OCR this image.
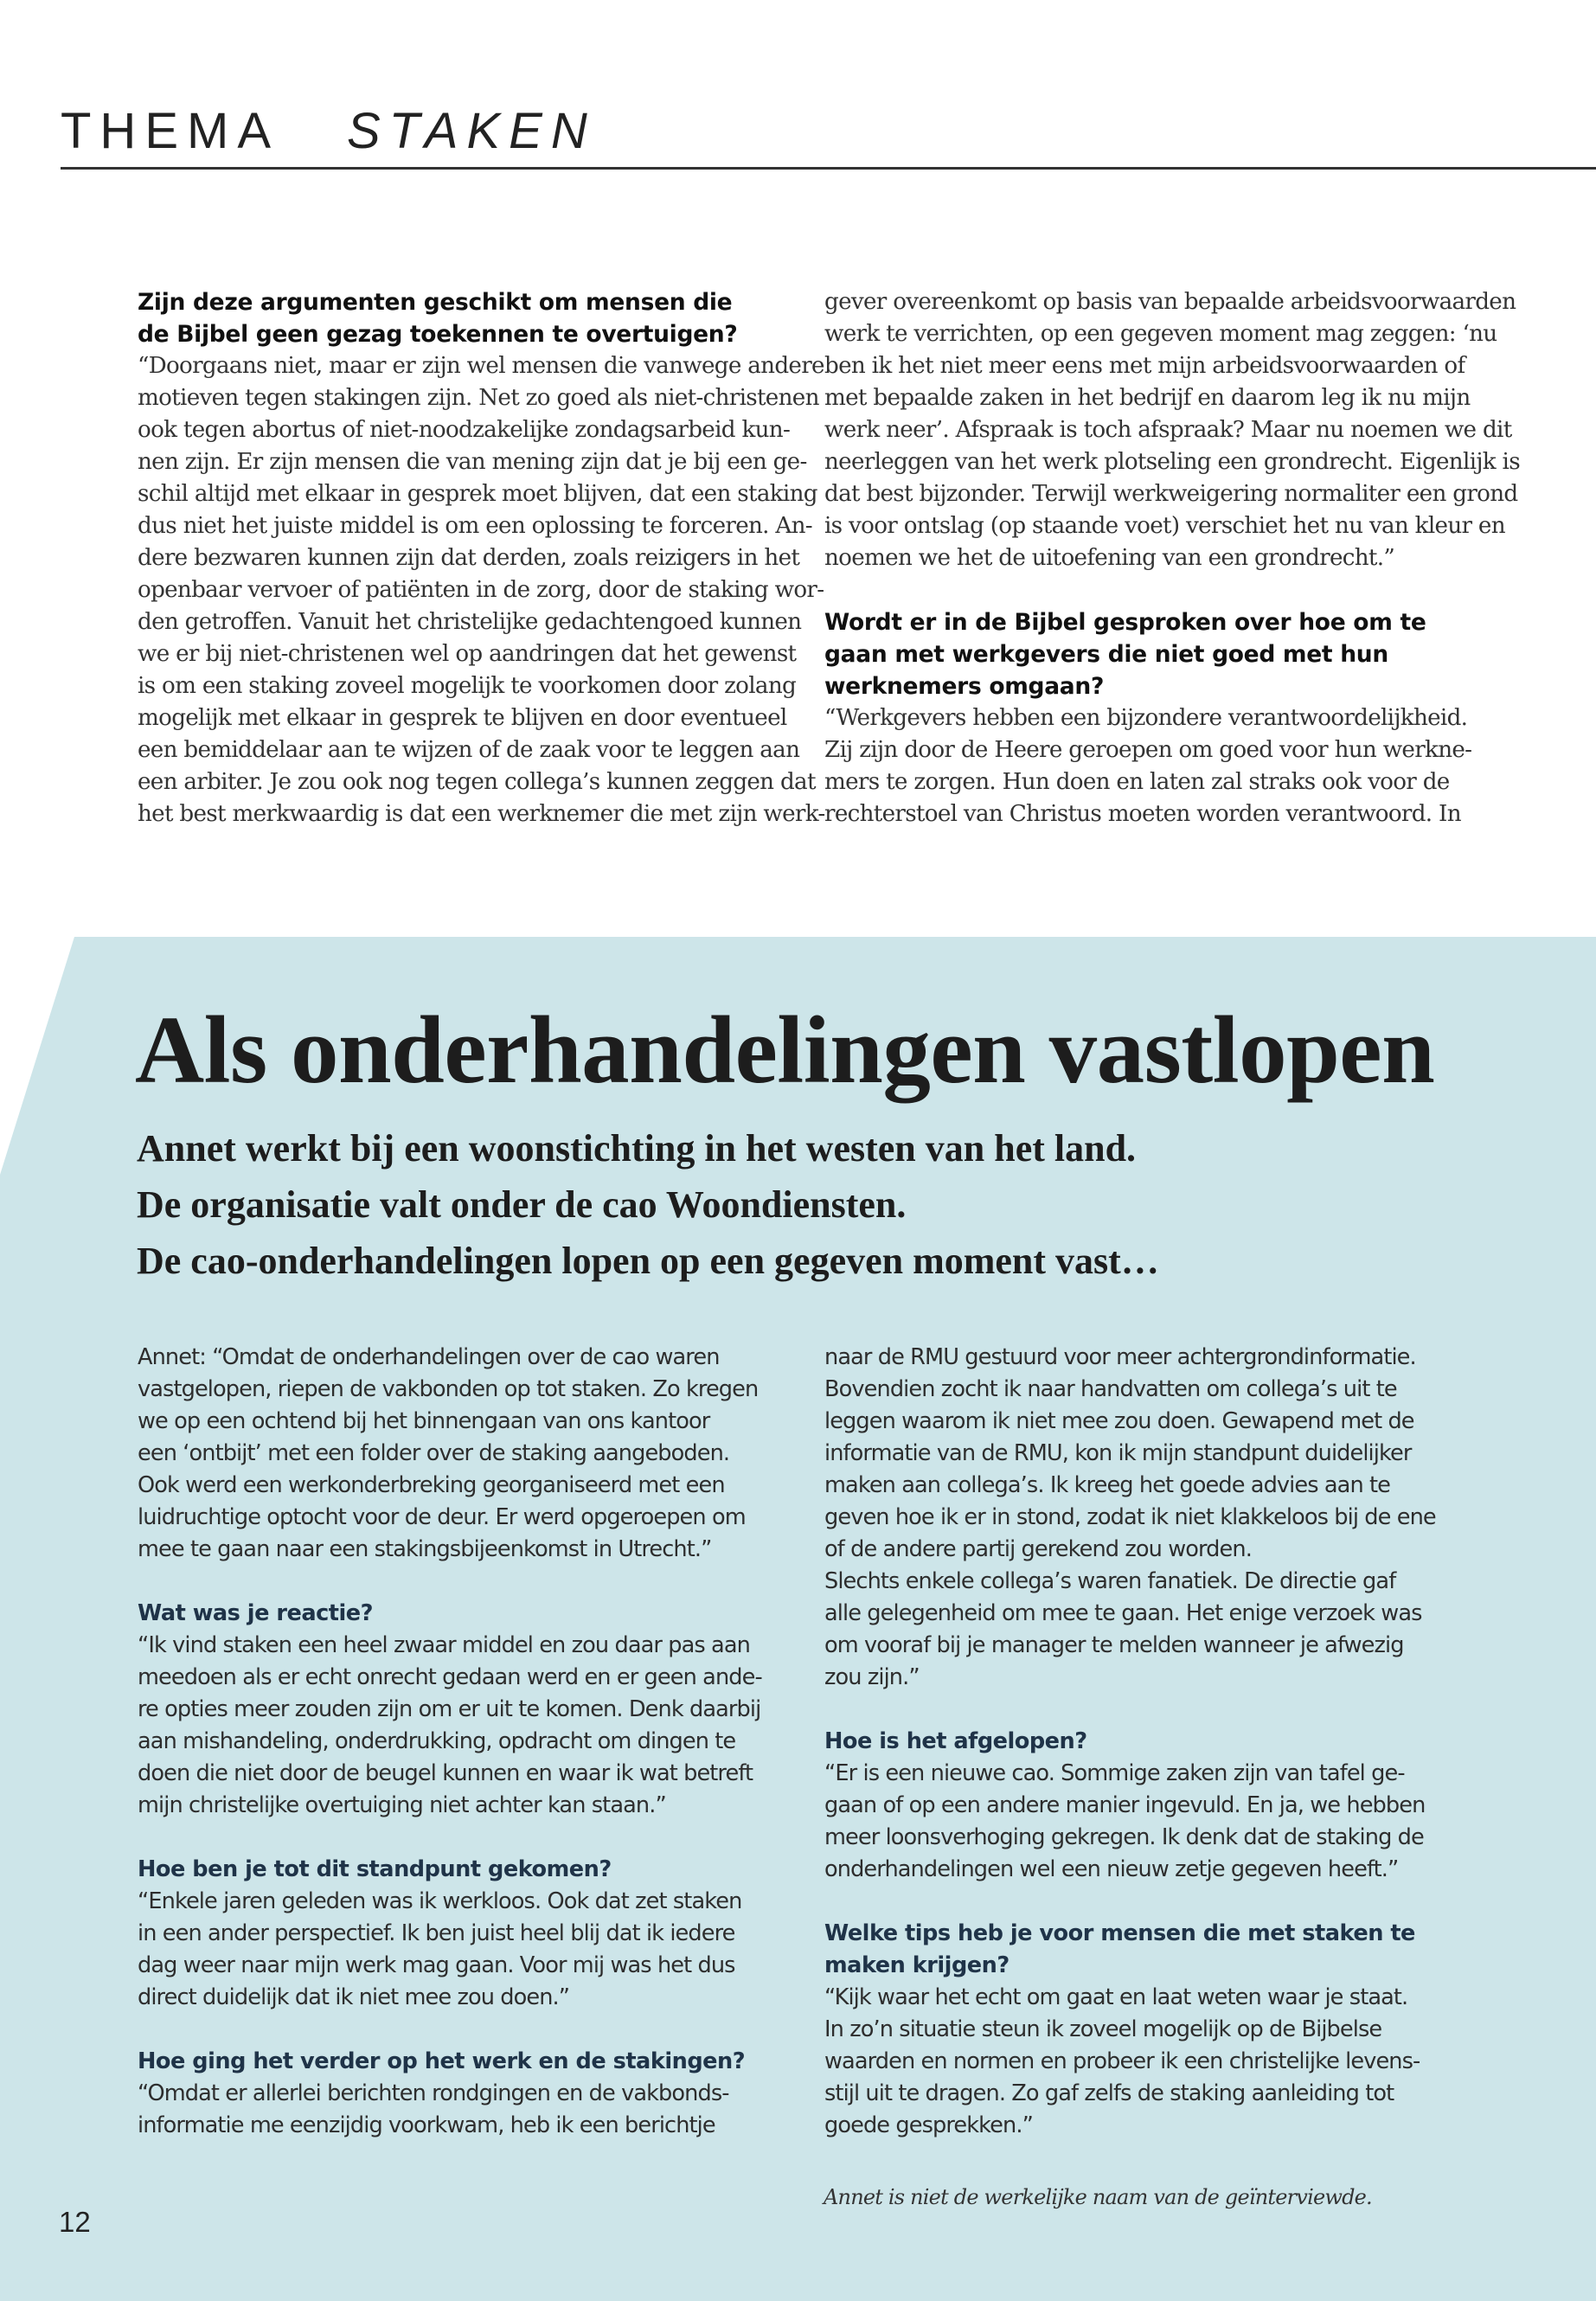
THEMA STAKEN
Zijn deze argumenten geschikt om mensen die de Bijbel geen gezag toekennen te overtuigen?

“Doorgaans niet, maar er zijn wel mensen die vanwege andere
motieven tegen stakingen zijn. Net zo goed als niet-christenen
ook tegen abortus of niet-noodzakelijke zondagsarbeid kun-
nen zijn. Er zijn mensen die van mening zijn dat je bij een ge-
schil altijd met elkaar in gesprek moet blijven, dat een staking
dus niet het juiste middel is om een oplossing te forceren. An-
dere bezwaren kunnen zijn dat derden, zoals reizigers in het
openbaar vervoer of patiënten in de zorg, door de staking wor-
den getroffen. Vanuit het christelijke gedachtengoed kunnen
we er bij niet-christenen wel op aandringen dat het gewenst
is om een staking zoveel mogelijk te voorkomen door zolang
mogelijk met elkaar in gesprek te blijven en door eventueel
een bemiddelaar aan te wijzen of de zaak voor te leggen aan
een arbiter. Je zou ook nog tegen collega’s kunnen zeggen dat
het best merkwaardig is dat een werknemer die met zijn werk-

gever overeenkomt op basis van bepaalde arbeidsvoorwaarden
werk te verrichten, op een gegeven moment mag zeggen: ‘nu
ben ik het niet meer eens met mijn arbeidsvoorwaarden of
met bepaalde zaken in het bedrijf en daarom leg ik nu mijn
werk neer’. Afspraak is toch afspraak? Maar nu noemen we dit
neerleggen van het werk plotseling een grondrecht. Eigenlijk is
dat best bijzonder. Terwijl werkweigering normaliter een grond
is voor ontslag (op staande voet) verschiet het nu van kleur en
noemen we het de uitoefening van een grondrecht.”

Wordt er in de Bijbel gesproken over hoe om te gaan met werkgevers die niet goed met hun werknemers omgaan?

“Werkgevers hebben een bijzondere verantwoordelijkheid.
Zij zijn door de Heere geroepen om goed voor hun werkne-
mers te zorgen. Hun doen en laten zal straks ook voor de
rechterstoel van Christus moeten worden verantwoord. In

Als onderhandelingen vastlopen
Annet werkt bij een woonstichting in het westen van het land.
De organisatie valt onder de cao Woondiensten.
De cao-onderhandelingen lopen op een gegeven moment vast…

Annet: “Omdat de onderhandelingen over de cao waren
vastgelopen, riepen de vakbonden op tot staken. Zo kregen
we op een ochtend bij het binnengaan van ons kantoor
een ‘ontbijt’ met een folder over de staking aangeboden.
Ook werd een werkonderbreking georganiseerd met een
luidruchtige optocht voor de deur. Er werd opgeroepen om
mee te gaan naar een stakingsbijeenkomst in Utrecht.”

Wat was je reactie?

“Ik vind staken een heel zwaar middel en zou daar pas aan
meedoen als er echt onrecht gedaan werd en er geen ande-
re opties meer zouden zijn om er uit te komen. Denk daarbij
aan mishandeling, onderdrukking, opdracht om dingen te
doen die niet door de beugel kunnen en waar ik wat betreft
mijn christelijke overtuiging niet achter kan staan.”

Hoe ben je tot dit standpunt gekomen?

“Enkele jaren geleden was ik werkloos. Ook dat zet staken
in een ander perspectief. Ik ben juist heel blij dat ik iedere
dag weer naar mijn werk mag gaan. Voor mij was het dus
direct duidelijk dat ik niet mee zou doen.”

Hoe ging het verder op het werk en de stakingen?

“Omdat er allerlei berichten rondgingen en de vakbonds-
informatie me eenzijdig voorkwam, heb ik een berichtje

naar de RMU gestuurd voor meer achtergrondinformatie.
Bovendien zocht ik naar handvatten om collega’s uit te
leggen waarom ik niet mee zou doen. Gewapend met de
informatie van de RMU, kon ik mijn standpunt duidelijker
maken aan collega’s. Ik kreeg het goede advies aan te
geven hoe ik er in stond, zodat ik niet klakkeloos bij de ene
of de andere partij gerekend zou worden.
Slechts enkele collega’s waren fanatiek. De directie gaf
alle gelegenheid om mee te gaan. Het enige verzoek was
om vooraf bij je manager te melden wanneer je afwezig
zou zijn.”

Hoe is het afgelopen?

“Er is een nieuwe cao. Sommige zaken zijn van tafel ge-
gaan of op een andere manier ingevuld. En ja, we hebben
meer loonsverhoging gekregen. Ik denk dat de staking de
onderhandelingen wel een nieuw zetje gegeven heeft.”

Welke tips heb je voor mensen die met staken te maken krijgen?

“Kijk waar het echt om gaat en laat weten waar je staat.
In zo’n situatie steun ik zoveel mogelijk op de Bijbelse
waarden en normen en probeer ik een christelijke levens-
stijl uit te dragen. Zo gaf zelfs de staking aanleiding tot
goede gesprekken.”

Annet is niet de werkelijke naam van de geïnterviewde.

12
